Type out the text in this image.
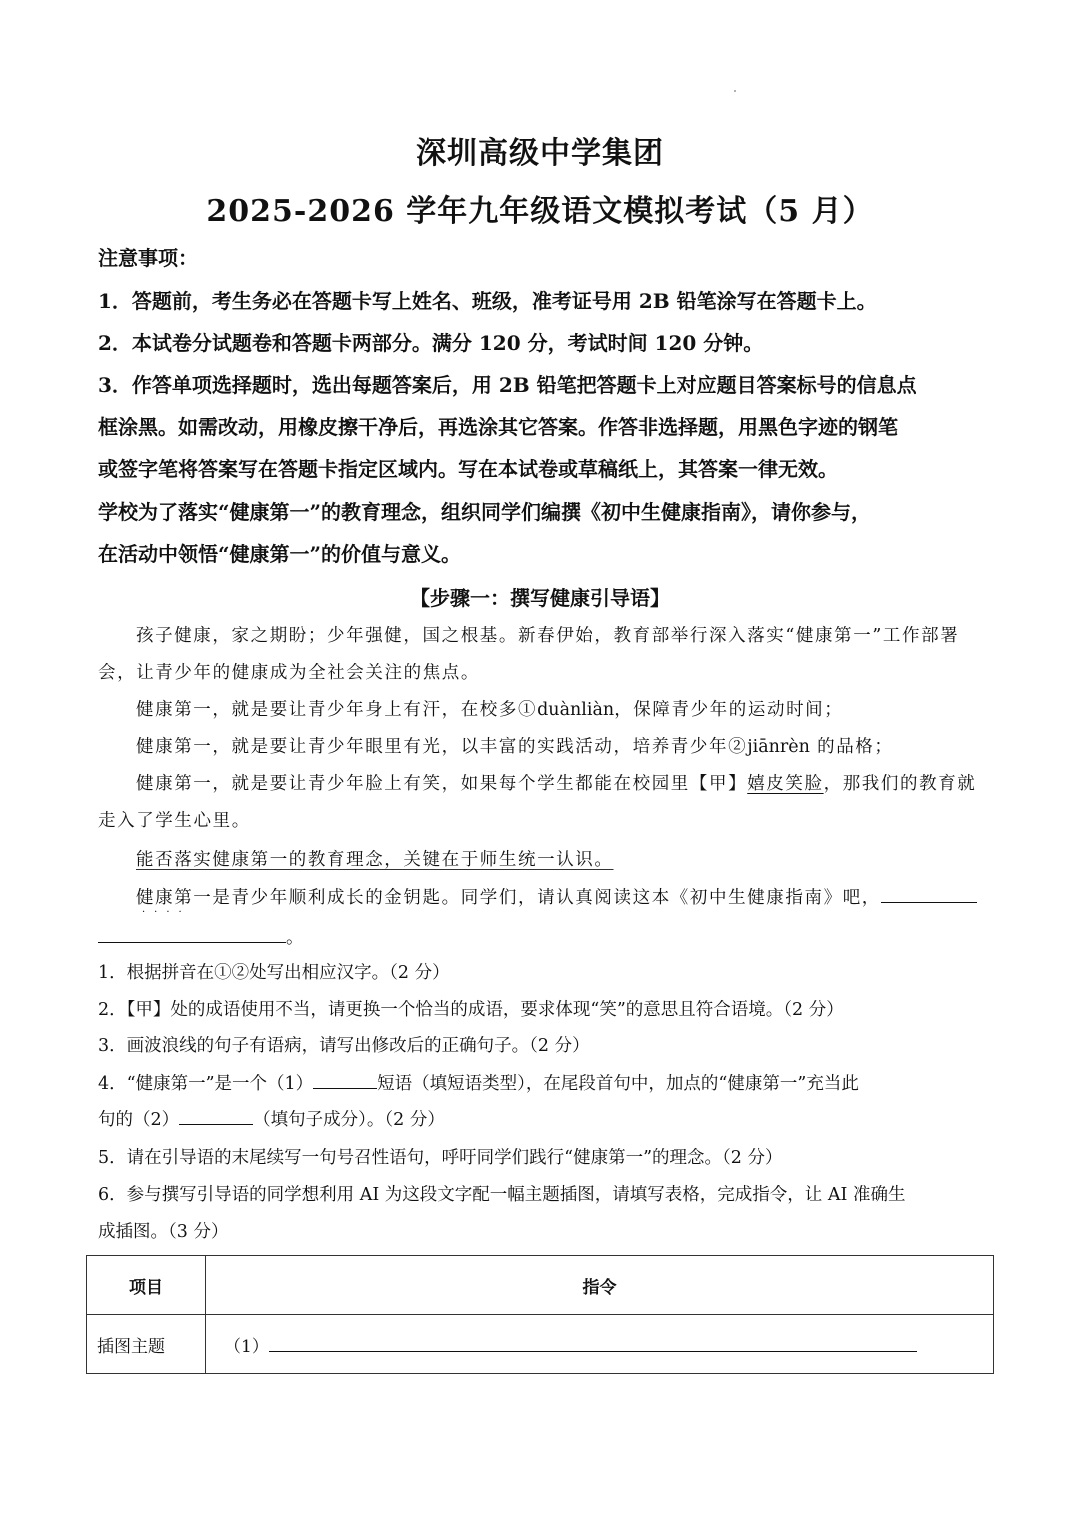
深圳高级中学集团
2025-2026 学年九年级语文模拟考试（5 月）
注意事项：
1．答题前，考生务必在答题卡写上姓名、班级，准考证号用 2B 铅笔涂写在答题卡上。
2．本试卷分试题卷和答题卡两部分。满分 120 分，考试时间 120 分钟。
3．作答单项选择题时，选出每题答案后，用 2B 铅笔把答题卡上对应题目答案标号的信息点
框涂黑。如需改动，用橡皮擦干净后，再选涂其它答案。作答非选择题，用黑色字迹的钢笔
或签字笔将答案写在答题卡指定区域内。写在本试卷或草稿纸上，其答案一律无效。
学校为了落实“健康第一”的教育理念，组织同学们编撰《初中生健康指南》，请你参与，
在活动中领悟“健康第一”的价值与意义。
【步骤一：撰写健康引导语】
孩子健康，家之期盼；少年强健，国之根基。新春伊始，教育部举行深入落实“健康第一”工作部署
会，让青少年的健康成为全社会关注的焦点。
健康第一，就是要让青少年身上有汗，在校多①duànliàn，保障青少年的运动时间；
健康第一，就是要让青少年眼里有光，以丰富的实践活动，培养青少年②jiānrèn 的品格；
健康第一，就是要让青少年脸上有笑，如果每个学生都能在校园里【甲】嬉皮笑脸，那我们的教育就
走入了学生心里。
能否落实健康第一的教育理念，关键在于师生统一认识。
健康第一
····
是青少年顺利成长的金钥匙。同学们，请认真阅读这本《初中生健康指南》吧，
。
1．根据拼音在①②处写出相应汉字。（2 分）
2．【甲】处的成语使用不当，请更换一个恰当的成语，要求体现“笑”的意思且符合语境。（2 分）
3．画波浪线的句子有语病，请写出修改后的正确句子。（2 分）
4．“健康第一”是一个（1）	短语（填短语类型），在尾段首句中，加点的“健康第一”充当此
句的（2）	（填句子成分）。（2 分）
5．请在引导语的末尾续写一句号召性语句，呼吁同学们践行“健康第一”的理念。（2 分）
6．参与撰写引导语的同学想利用 AI 为这段文字配一幅主题插图，请填写表格，完成指令，让 AI 准确生
成插图。（3 分）
项目	指令
插图主题	（1）
